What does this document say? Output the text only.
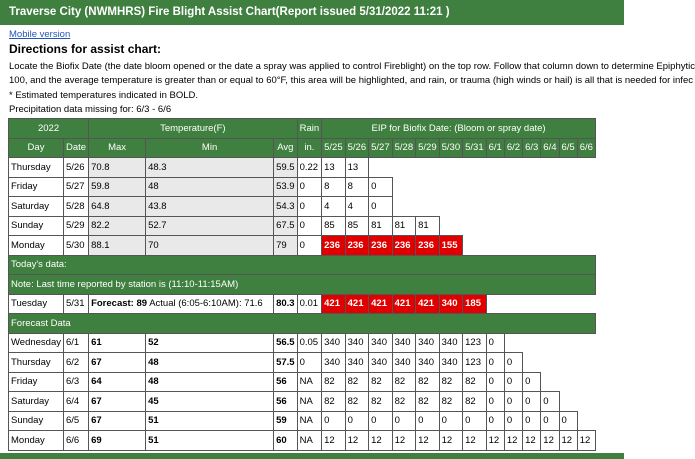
Traverse City (NWMHRS) Fire Blight Assist Chart(Report issued 5/31/2022 11:21 )
Mobile version
Directions for assist chart:
Locate the Biofix Date (the date bloom opened or the date a spray was applied to control Fireblight) on the top row. Follow that column down to determine Epiphytic
100, and the average temperature is greater than or equal to 60°F, this area will be highlighted, and rain, or trauma (high winds or hail) is all that is needed for infec
* Estimated temperatures indicated in BOLD.
Precipitation data missing for: 6/3 - 6/6
2022		Temperature(F)			Rain	EIP for Biofix Date: (Bloom or spray date)												
Day	Date	Max	Min	Avg	in.	5/25	5/26	5/27	5/28	5/29	5/30	5/31	6/1	6/2	6/3	6/4	6/5	6/6
Thursday	5/26	70.8	48.3	59.5	0.22	13	13											
Friday	5/27	59.8	48	53.9	0	8	8	0										
Saturday	5/28	64.8	43.8	54.3	0	4	4	0										
Sunday	5/29	82.2	52.7	67.5	0	85	85	81	81	81								
Monday	5/30	88.1	70	79	0	236	236	236	236	236	155							
Today's data:																		
Note: Last time reported by station is (11:10-11:15AM)																		
Tuesday	5/31	Forecast: 89 Actual (6:05-6:10AM): 71.6		80.3	0.01	421	421	421	421	421	340	185						
Forecast Data																		
Wednesday	6/1	61	52	56.5	0.05	340	340	340	340	340	340	123	0					
Thursday	6/2	67	48	57.5	0	340	340	340	340	340	340	123	0	0				
Friday	6/3	64	48	56	NA	82	82	82	82	82	82	82	0	0	0			
Saturday	6/4	67	45	56	NA	82	82	82	82	82	82	82	0	0	0	0		
Sunday	6/5	67	51	59	NA	0	0	0	0	0	0	0	0	0	0	0	0	
Monday	6/6	69	51	60	NA	12	12	12	12	12	12	12	12	12	12	12	12	12
